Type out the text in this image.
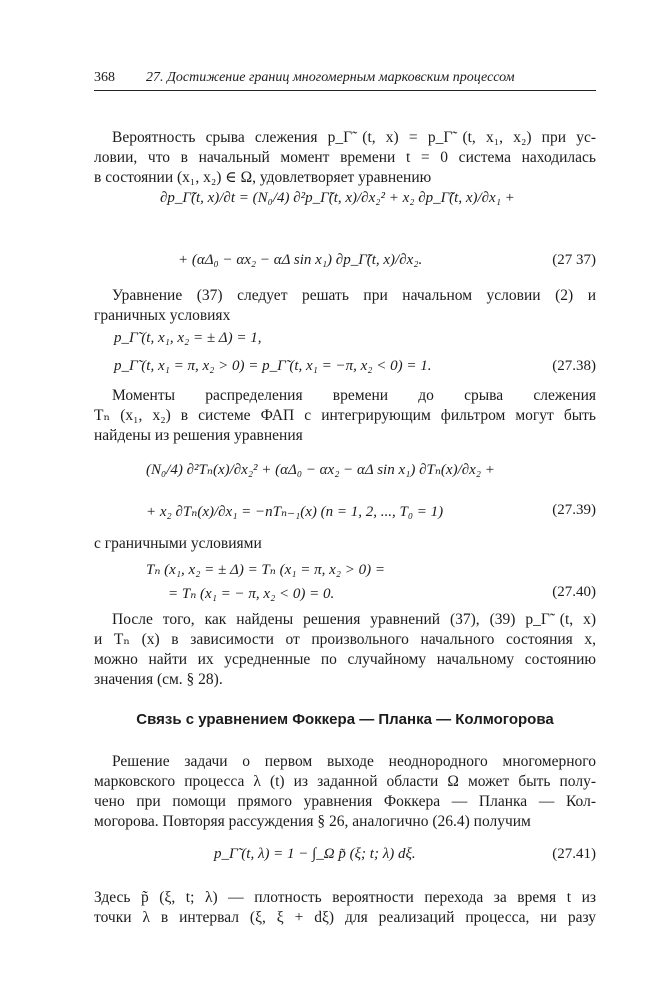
368 27. Достижение границ многомерным марковским процессом
Вероятность срыва слежения p_Γ̃ (t, x) = p_Γ̃ (t, x₁, x₂) при ус-
ловии, что в начальный момент времени t = 0 система находилась
в состоянии (x₁, x₂) ∈ Ω, удовлетворяет уравнению
∂p_Γ̃(t, x)/∂t = (N₀/4) ∂²p_Γ̃(t, x)/∂x₂² + x₂ ∂p_Γ̃(t, x)/∂x₁ +
+ (αΔ₀ − αx₂ − αΔ sin x₁) ∂p_Γ̃(t, x)/∂x₂.	(27 37)
Уравнение (37) следует решать при начальном условии (2) и
граничных условиях
p_Γ̃ (t, x₁, x₂ = ± Δ) = 1,
p_Γ̃ (t, x₁ = π, x₂ > 0) = p_Γ̃ (t, x₁ = −π, x₂ < 0) = 1.	(27.38)
Моменты распределения времени до срыва слежения
Tₙ (x₁, x₂) в системе ФАП с интегрирующим фильтром могут быть
найдены из решения уравнения
(N₀/4) ∂²Tₙ(x)/∂x₂² + (αΔ₀ − αx₂ − αΔ sin x₁) ∂Tₙ(x)/∂x₂ +
+ x₂ ∂Tₙ(x)/∂x₁ = −nTₙ₋₁(x) (n = 1, 2, ..., T₀ = 1)	(27.39)
с граничными условиями
Tₙ (x₁, x₂ = ± Δ) = Tₙ (x₁ = π, x₂ > 0) =
= Tₙ (x₁ = − π, x₂ < 0) = 0.	(27.40)
После того, как найдены решения уравнений (37), (39) p_Γ̃ (t, x)
и Tₙ (x) в зависимости от произвольного начального состояния x,
можно найти их усредненные по случайному начальному состоянию
значения (см. § 28).
Связь с уравнением Фоккера — Планка — Колмогорова
Решение задачи о первом выходе неоднородного многомерного
марковского процесса λ (t) из заданной области Ω может быть полу-
чено при помощи прямого уравнения Фоккера — Планка — Кол-
могорова. Повторяя рассуждения § 26, аналогично (26.4) получим
p_Γ̃ (t, λ) = 1 − ∫_Ω p̃ (ξ; t; λ) dξ.	(27.41)
Здесь p̃ (ξ, t; λ) — плотность вероятности перехода за время t из
точки λ в интервал (ξ, ξ + dξ) для реализаций процесса, ни разу
